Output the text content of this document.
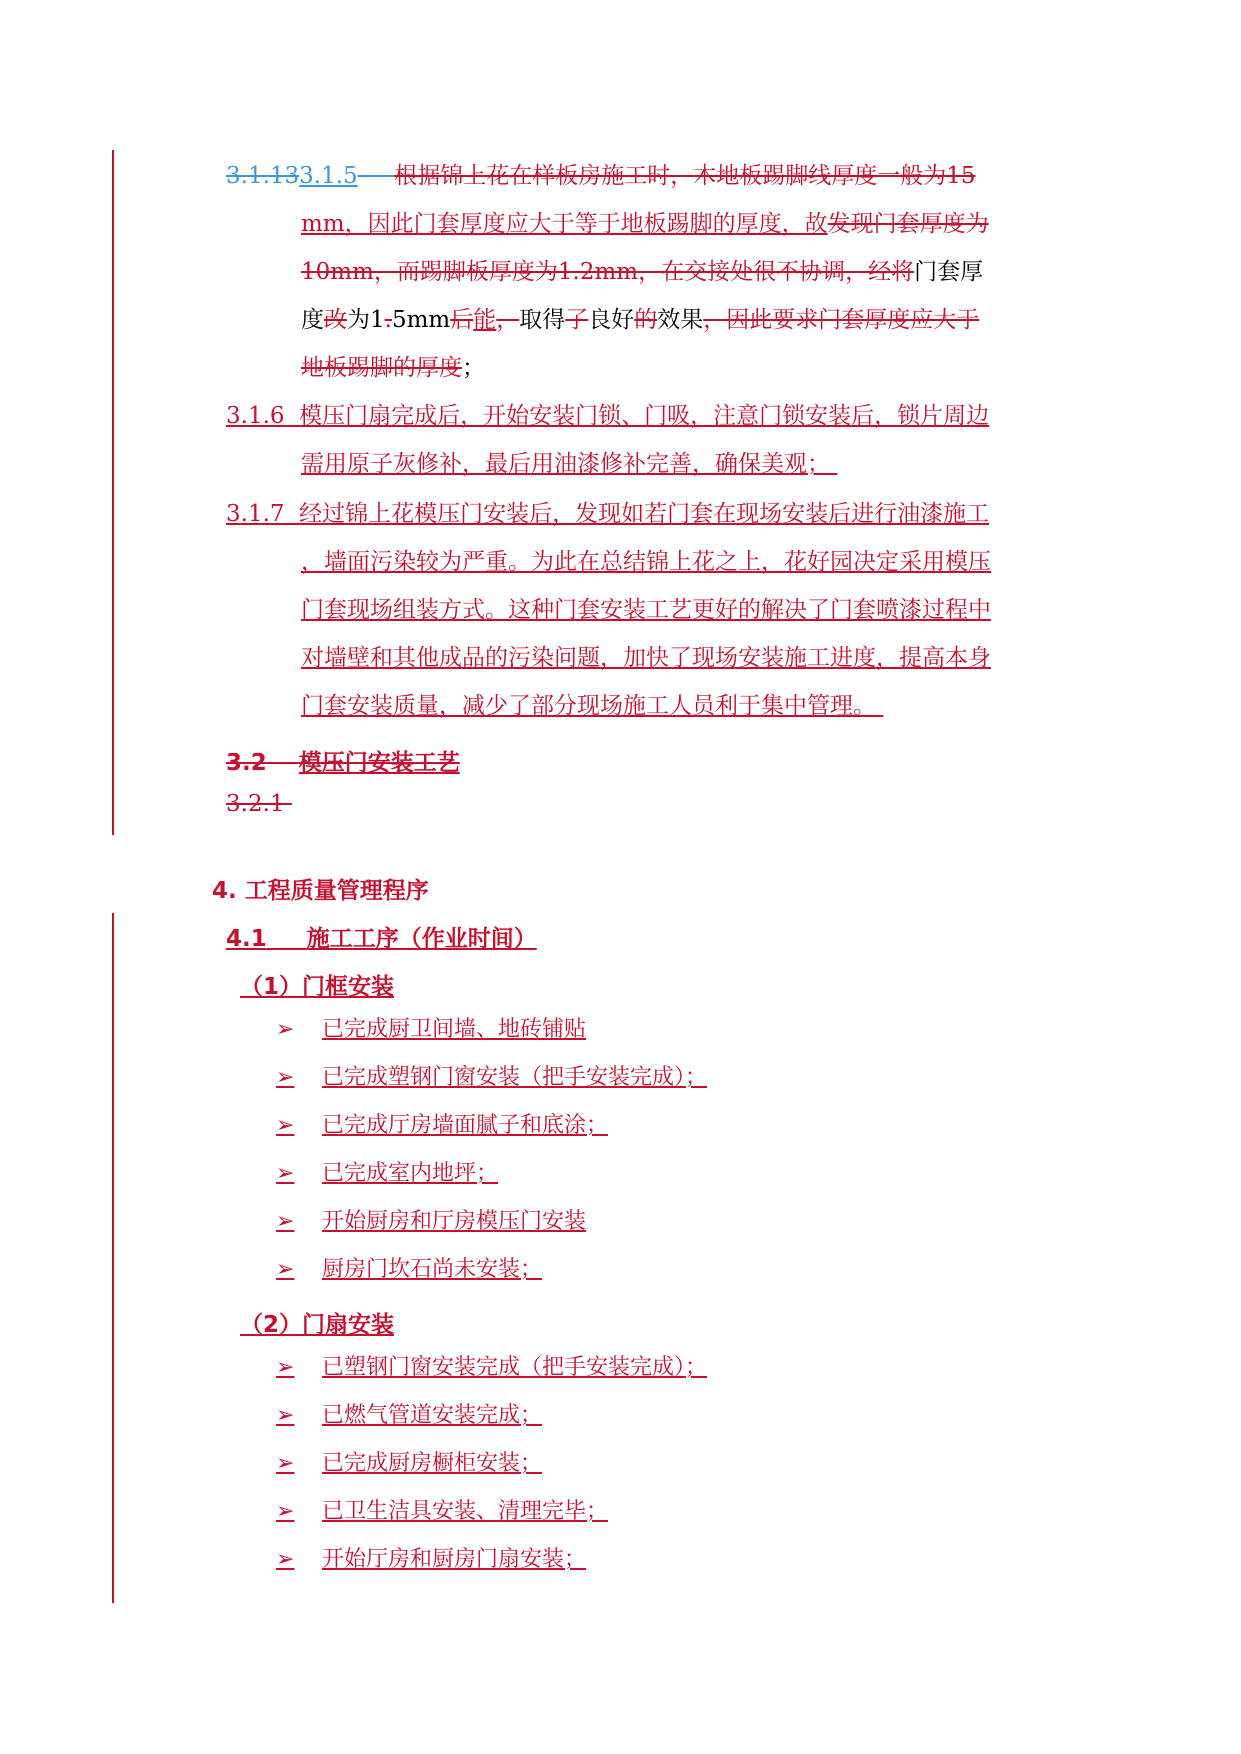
3.1.133.1.5 根据锦上花在样板房施工时，木地板踢脚线厚度一般为15
mm，因此门套厚度应大于等于地板踢脚的厚度，故发现门套厚度为
10mm，而踢脚板厚度为1.2mm，在交接处很不协调，经将门套厚
度改为1.5mm后能，取得了良好的效果，因此要求门套厚度应大于
地板踢脚的厚度；
3.1.6 模压门扇完成后，开始安装门锁、门吸，注意门锁安装后，锁片周边
需用原子灰修补，最后用油漆修补完善，确保美观；
3.1.7 经过锦上花模压门安装后，发现如若门套在现场安装后进行油漆施工
，墙面污染较为严重。为此在总结锦上花之上，花好园决定采用模压
门套现场组装方式。这种门套安装工艺更好的解决了门套喷漆过程中
对墙壁和其他成品的污染问题，加快了现场安装施工进度，提高本身
门套安装质量，减少了部分现场施工人员利于集中管理。
3.2 模压门安装工艺
3.2.1
4. 工程质量管理程序
4.1 施工工序（作业时间）
（1）门框安装
➢ 已完成厨卫间墙、地砖铺贴
➢ 已完成塑钢门窗安装（把手安装完成）；
➢ 已完成厅房墙面腻子和底涂；
➢ 已完成室内地坪；
➢ 开始厨房和厅房模压门安装
➢ 厨房门坎石尚未安装；
（2）门扇安装
➢ 已塑钢门窗安装完成（把手安装完成）；
➢ 已燃气管道安装完成；
➢ 已完成厨房橱柜安装；
➢ 已卫生洁具安装、清理完毕；
➢ 开始厅房和厨房门扇安装；
